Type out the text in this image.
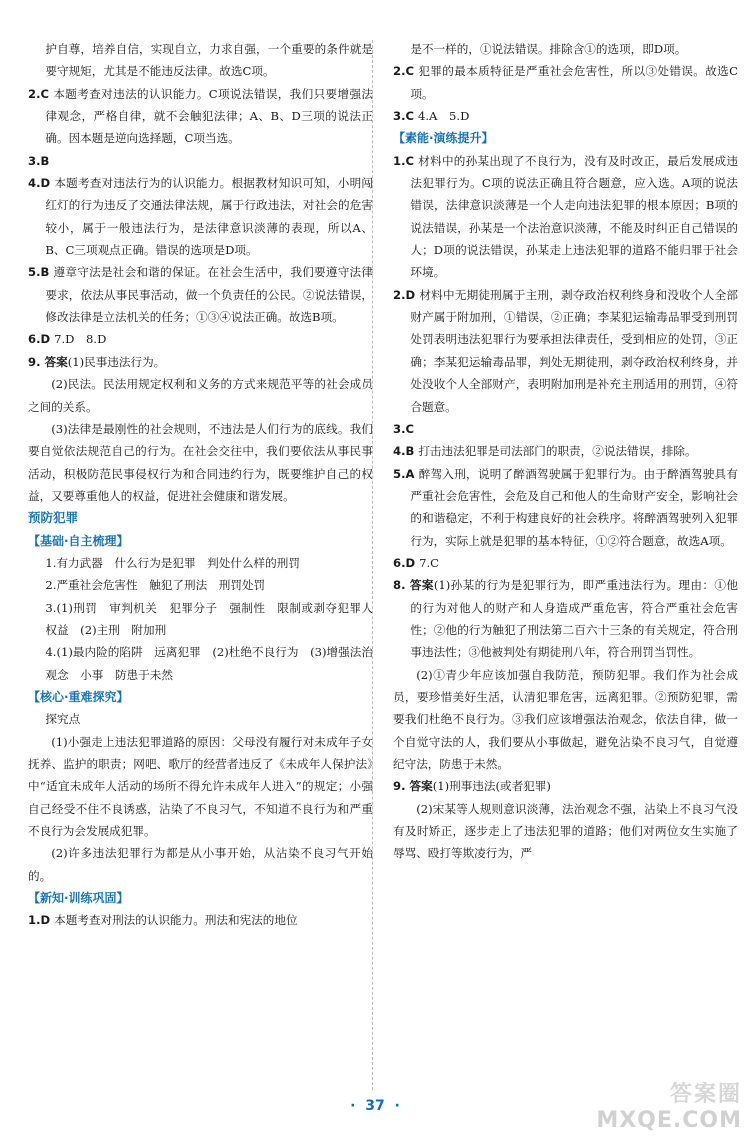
护自尊，培养自信，实现自立，力求自强，一个重要的条件就是要守规矩，尤其是不能违反法律。故选C项。

2.C 本题考查对违法的认识能力。C项说法错误，我们只要增强法律观念，严格自律，就不会触犯法律；A、B、D三项的说法正确。因本题是逆向选择题，C项当选。

3.B

4.D 本题考查对违法行为的认识能力。根据教材知识可知，小明闯红灯的行为违反了交通法律法规，属于行政违法，对社会的危害较小，属于一般违法行为，是法律意识淡薄的表现，所以A、B、C三项观点正确。错误的选项是D项。

5.B 遵章守法是社会和谐的保证。在社会生活中，我们要遵守法律要求，依法从事民事活动，做一个负责任的公民。②说法错误，修改法律是立法机关的任务；①③④说法正确。故选B项。

6.D 7.D　8.D

9. 答案(1)民事违法行为。

(2)民法。民法用规定权利和义务的方式来规范平等的社会成员之间的关系。

(3)法律是最刚性的社会规则，不违法是人们行为的底线。我们要自觉依法规范自己的行为。在社会交往中，我们要依法从事民事活动，积极防范民事侵权行为和合同违约行为，既要维护自己的权益，又要尊重他人的权益，促进社会健康和谐发展。

预防犯罪

【基础·自主梳理】

1.有力武器　什么行为是犯罪　判处什么样的刑罚

2.严重社会危害性　触犯了刑法　刑罚处罚

3.(1)刑罚　审判机关　犯罪分子　强制性　限制或剥夺犯罪人权益　(2)主刑　附加刑

4.(1)最内险的陷阱　远离犯罪　(2)杜绝不良行为　(3)增强法治观念　小事　防患于未然

【核心·重难探究】

探究点

(1)小强走上违法犯罪道路的原因：父母没有履行对未成年子女抚养、监护的职责；网吧、歌厅的经营者违反了《未成年人保护法》中“适宜未成年人活动的场所不得允许未成年人进入”的规定；小强自己经受不住不良诱惑，沾染了不良习气，不知道不良行为和严重不良行为会发展成犯罪。

(2)许多违法犯罪行为都是从小事开始，从沾染不良习气开始的。

【新知·训练巩固】

1.D 本题考查对刑法的认识能力。刑法和宪法的地位

是不一样的，①说法错误。排除含①的选项，即D项。

2.C 犯罪的最本质特征是严重社会危害性，所以③处错误。故选C项。

3.C 4.A　5.D

【素能·演练提升】

1.C 材料中的孙某出现了不良行为，没有及时改正，最后发展成违法犯罪行为。C项的说法正确且符合题意，应入选。A项的说法错误，法律意识淡薄是一个人走向违法犯罪的根本原因；B项的说法错误，孙某是一个法治意识淡薄，不能及时纠正自己错误的人；D项的说法错误，孙某走上违法犯罪的道路不能归罪于社会环境。

2.D 材料中无期徒刑属于主刑，剥夺政治权利终身和没收个人全部财产属于附加刑，①错误，②正确；李某犯运输毒品罪受到刑罚处罚表明违法犯罪行为要承担法律责任，受到相应的处罚，③正确；李某犯运输毒品罪，判处无期徒刑，剥夺政治权利终身，并处没收个人全部财产，表明附加刑是补充主刑适用的刑罚，④符合题意。

3.C

4.B 打击违法犯罪是司法部门的职责，②说法错误，排除。

5.A 醉驾入刑，说明了醉酒驾驶属于犯罪行为。由于醉酒驾驶具有严重社会危害性，会危及自己和他人的生命财产安全，影响社会的和谐稳定，不利于构建良好的社会秩序。将醉酒驾驶列入犯罪行为，实际上就是犯罪的基本特征，①②符合题意，故选A项。

6.D 7.C

8. 答案(1)孙某的行为是犯罪行为，即严重违法行为。理由：①他的行为对他人的财产和人身造成严重危害，符合严重社会危害性；②他的行为触犯了刑法第二百六十三条的有关规定，符合刑事违法性；③他被判处有期徒刑八年，符合刑罚当罚性。

(2)①青少年应该加强自我防范，预防犯罪。我们作为社会成员，要珍惜美好生活，认清犯罪危害，远离犯罪。②预防犯罪，需要我们杜绝不良行为。③我们应该增强法治观念，依法自律，做一个自觉守法的人，我们要从小事做起，避免沾染不良习气，自觉遵纪守法，防患于未然。

9. 答案(1)刑事违法(或者犯罪)

(2)宋某等人规则意识淡薄，法治观念不强，沾染上不良习气没有及时矫正，逐步走上了违法犯罪的道路；他们对两位女生实施了辱骂、殴打等欺凌行为，严

·  37  ·	答案圈
MXQE.COM
